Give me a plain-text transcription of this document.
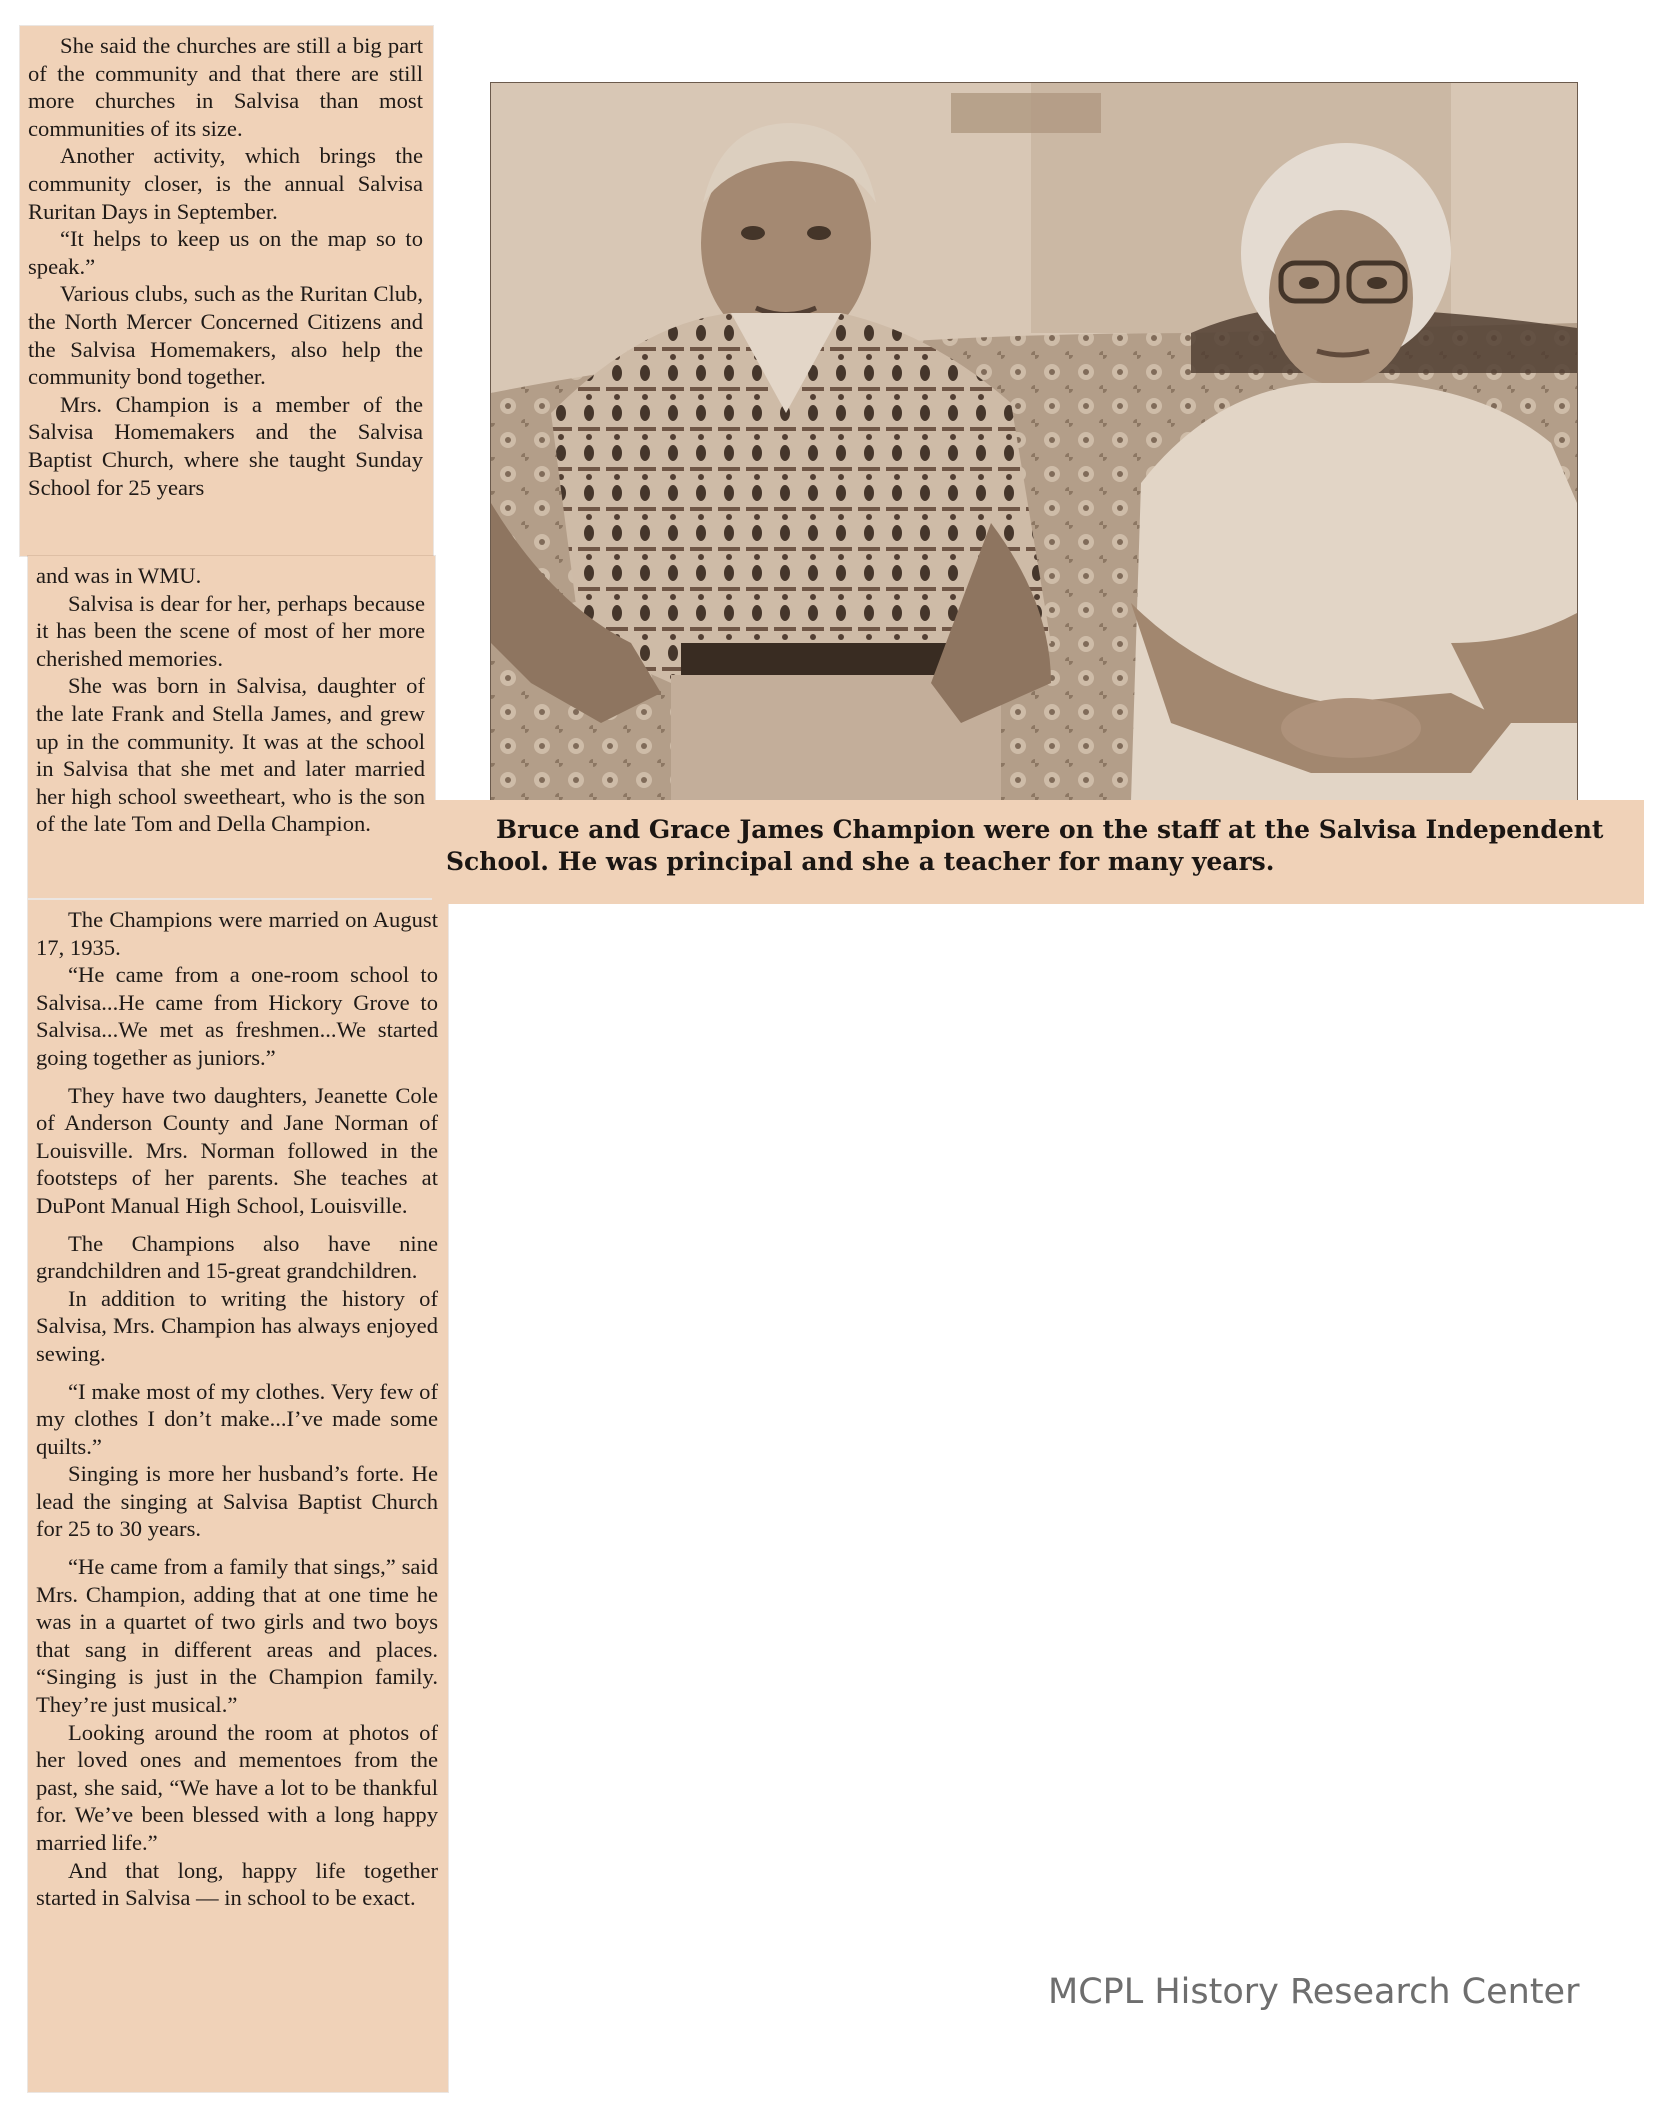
She said the churches are still a big part of the community and that there are still more churches in Salvisa than most communities of its size.

Another activity, which brings the community closer, is the annual Salvisa Ruritan Days in September.

“It helps to keep us on the map so to speak.”

Various clubs, such as the Ruritan Club, the North Mercer Concerned Citizens and the Salvisa Homemakers, also help the community bond together.

Mrs. Champion is a member of the Salvisa Homemakers and the Salvisa Baptist Church, where she taught Sunday School for 25 years

and was in WMU.

Salvisa is dear for her, perhaps because it has been the scene of most of her more cherished memories.

She was born in Salvisa, daughter of the late Frank and Stella James, and grew up in the community. It was at the school in Salvisa that she met and later married her high school sweetheart, who is the son of the late Tom and Della Champion.

The Champions were married on August 17, 1935.

“He came from a one-room school to Salvisa...He came from Hickory Grove to Salvisa...We met as freshmen...We started going together as juniors.”

They have two daughters, Jeanette Cole of Anderson County and Jane Norman of Louisville. Mrs. Norman followed in the footsteps of her parents. She teaches at DuPont Manual High School, Louisville.

The Champions also have nine grandchildren and 15-great grandchildren.

In addition to writing the history of Salvisa, Mrs. Champion has always enjoyed sewing.

“I make most of my clothes. Very few of my clothes I don’t make...I’ve made some quilts.”

Singing is more her husband’s forte. He lead the singing at Salvisa Baptist Church for 25 to 30 years.

“He came from a family that sings,” said Mrs. Champion, adding that at one time he was in a quartet of two girls and two boys that sang in different areas and places. “Singing is just in the Champion family. They’re just musical.”

Looking around the room at photos of her loved ones and mementoes from the past, she said, “We have a lot to be thankful for. We’ve been blessed with a long happy married life.”

And that long, happy life together started in Salvisa — in school to be exact.

Bruce and Grace James Champion were on the staff at the Salvisa Independent
School. He was principal and she a teacher for many years.
MCPL History Research Center
